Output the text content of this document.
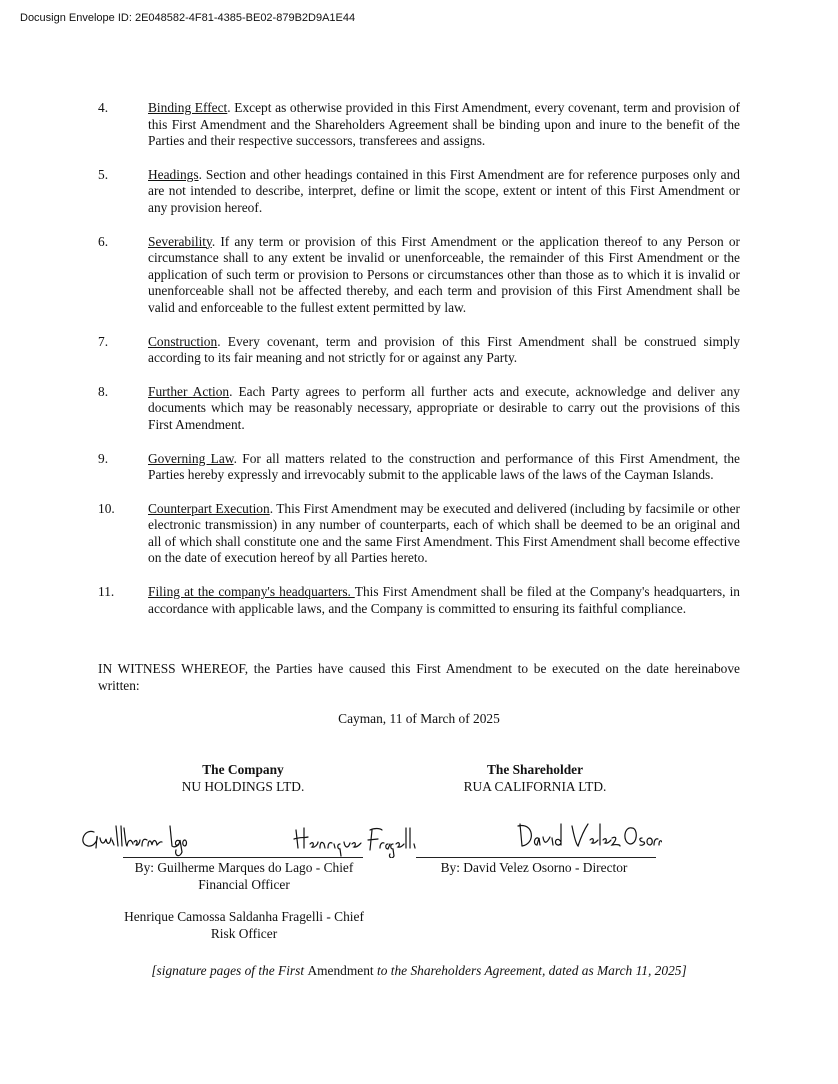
Docusign Envelope ID: 2E048582-4F81-4385-BE02-879B2D9A1E44
4.	Binding Effect. Except as otherwise provided in this First Amendment, every covenant, term and provision of this First Amendment and the Shareholders Agreement shall be binding upon and inure to the benefit of the Parties and their respective successors, transferees and assigns.
5.	Headings. Section and other headings contained in this First Amendment are for reference purposes only and are not intended to describe, interpret, define or limit the scope, extent or intent of this First Amendment or any provision hereof.
6.	Severability. If any term or provision of this First Amendment or the application thereof to any Person or circumstance shall to any extent be invalid or unenforceable, the remainder of this First Amendment or the application of such term or provision to Persons or circumstances other than those as to which it is invalid or unenforceable shall not be affected thereby, and each term and provision of this First Amendment shall be valid and enforceable to the fullest extent permitted by law.
7.	Construction. Every covenant, term and provision of this First Amendment shall be construed simply according to its fair meaning and not strictly for or against any Party.
8.	Further Action. Each Party agrees to perform all further acts and execute, acknowledge and deliver any documents which may be reasonably necessary, appropriate or desirable to carry out the provisions of this First Amendment.
9.	Governing Law. For all matters related to the construction and performance of this First Amendment, the Parties hereby expressly and irrevocably submit to the applicable laws of the laws of the Cayman Islands.
10.	Counterpart Execution. This First Amendment may be executed and delivered (including by facsimile or other electronic transmission) in any number of counterparts, each of which shall be deemed to be an original and all of which shall constitute one and the same First Amendment. This First Amendment shall become effective on the date of execution hereof by all Parties hereto.
11.	Filing at the company's headquarters. This First Amendment shall be filed at the Company's headquarters, in accordance with applicable laws, and the Company is committed to ensuring its faithful compliance.
IN WITNESS WHEREOF, the Parties have caused this First Amendment to be executed on the date hereinabove written:
Cayman, 11 of March of 2025
The Company
NU HOLDINGS LTD.
The Shareholder
RUA CALIFORNIA LTD.
By: Guilherme Marques do Lago - Chief
Financial Officer
By: David Velez Osorno - Director
Henrique Camossa Saldanha Fragelli - Chief
Risk Officer
[signature pages of the First Amendment to the Shareholders Agreement, dated as March 11, 2025]
